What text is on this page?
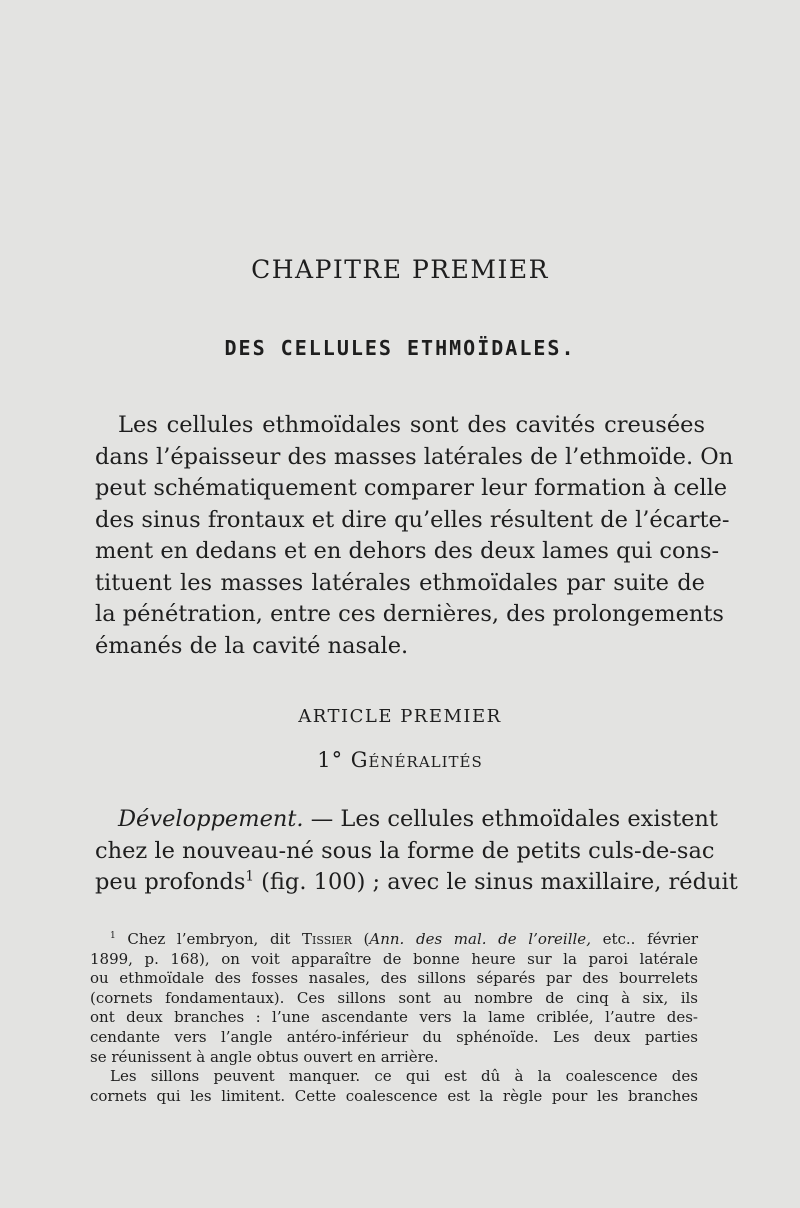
CHAPITRE PREMIER
DES CELLULES ETHMOÏDALES.
Les cellules ethmoïdales sont des cavités creusées
dans l’épaisseur des masses latérales de l’ethmoïde. On
peut schématiquement comparer leur formation à celle
des sinus frontaux et dire qu’elles résultent de l’écarte-
ment en dedans et en dehors des deux lames qui cons-
tituent les masses latérales ethmoïdales par suite de
la pénétration, entre ces dernières, des prolongements
émanés de la cavité nasale.
ARTICLE PREMIER
1° Généralités
Développement. — Les cellules ethmoïdales existent
chez le nouveau-né sous la forme de petits culs-de-sac
peu profonds$^1$ (fig. 100) ; avec le sinus maxillaire, réduit
$^1$ Chez l’embryon, dit Tissier (Ann. des mal. de l’oreille, etc.. février
1899, p. 168), on voit apparaître de bonne heure sur la paroi latérale
ou ethmoïdale des fosses nasales, des sillons séparés par des bourrelets
(cornets fondamentaux). Ces sillons sont au nombre de cinq à six, ils
ont deux branches : l’une ascendante vers la lame criblée, l’autre des-
cendante vers l’angle antéro-inférieur du sphénoïde. Les deux parties
se réunissent à angle obtus ouvert en arrière.
Les sillons peuvent manquer. ce qui est dû à la coalescence des
cornets qui les limitent. Cette coalescence est la règle pour les branches
